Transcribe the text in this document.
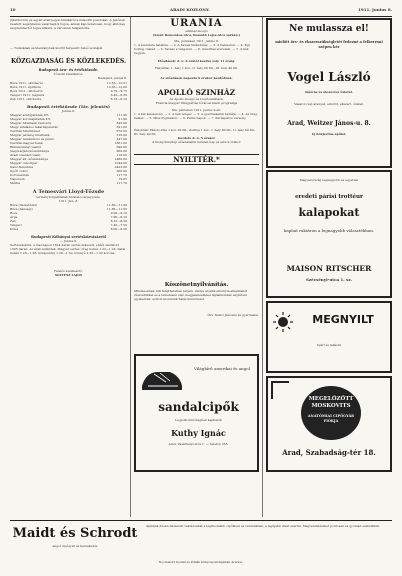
10	ARADI KÖZLÖNY.	1911. Junius 8.
(Markovics) és egyéb aranyegyei klinikáról a második posztokat. A Jenőnek beadott segélykérés vasárnaptól fogva, annak kapcsolatosan, hogy állítólag szeptembertől fogva állásra, a városban felajánlotta.
— Tudatának és kiadványnak között helyezett belső szobáját.
KÖZGAZDASÁG ÉS KÖZLEKEDÉS.
Budapesti áru- és értéktőzsde.
Tőzsdei feladáshoz.
Budapest, junius 8.
Búza 1911. októberre	12.55—12.51
Búza 1911. áprilisra	12.03—12.00
Rozs 1911. októberre	9.79—9.75
Tengeri 1911. májusra	8.42—8.39
Zab 1911. októberre	8.13—8.10
Budapesti értéktőzsde (Táv. jelentés)
Junius 8.
Magyar aranyjáradék 4%	111.90
Magyar koronajáradék 4%	91.90
Magyar hitelbank részvény	845.00
Magy. általános takarékpénztár	621.00
Osztrák hitelintézet	670.50
Magyar jelzálog hitelbank	310.00
Magyar leszámítoló és pénzv.	547.00
Osztrák-magyar bank	1861.00
Rimamurányi vasmű	690.00
Salgótarjáni kőszénbánya	660.00
Aradi Csanádi vasút	118.00
Magyar ált. kőszénbánya	1480.00
Magyar cukoripar	1044.00
Ganz-Danubius	2425.00
Győri cukor	260.00
Koronaérték	117.70
Napoleon	19.05
Márka	117.70
A Temesvári Lloyd-Tőzsde
terményforgalmának hivatalos árjegyzése.
1911. Jun. 8.
Búza (tiszavidéki)	11.80—11.90
Búza (bánsági)	11.85—11.95
Rozs	9.00—9.10
Árpa	7.90—8.10
Zab	8.10—8.20
Tengeri	7.40—7.50
Köles	8.00—8.20
Budapesti Kőbányai sertésközvásárról
— Junius 8.
Sertésvásárra: a mai napon 1624 darab sertés érkezett, ebből eladatott 1305 darab. Az árak szilárdak. Magyar sertés: öreg nehéz 1.22—1.24, fiatal nehéz 1.26—1.28, középsúlyú 1.28—1.30, könnyű 1.30—1.32 korona.
Felelős szerkesztő:
SOLTÉSZ LAJOS
URANIA
szinház-mozgó
(Szent Domonkos-utca, Kossuth Lajos-utca sarkán.)
Ma, pénteken 1911. junius 9.
1. A szerelem hatalma. — 2. A havasi kirándulás. — 3. A balesetek. — 4. Egy boldog család. — 5. Tavasz a tengeren. — 6. Amerikai szerelem. — 7. A kék hegyek.
Előadások: d. u. 6 órától kezdve este 11 óráig.
Helyárak: 1. hely 1 kor., II. hely 60 fill., III. hely 40 fill.
Az előadások naponta 6 órakor kezdődnek.
APOLLÓ SZINHÁZ
Az Apollo-mozgó és Lloyd-szinháza.
Francia magyar filmgyártás fővárosi kiadó programja
Ma, pénteken 1911. junius 9-én:
1. A két kisasszony. — 2. A kék tenger. — 3. A gyermekeink barátja. — 4. Az öreg halász. — 5. Miss Pygmalion. — 6. Parisi napok. — 7. Kerékpáros verseny.
Helyárak: Páholy-ülés 1 kor. 20 fill., Zsöllye 1 kor., I. hely 80 fill., II. hely 60 fill., III. hely 40 fill.
Kezdete d. u. 5 órakor
A mozgófénykép előadásaink minden nap és este 9 órakor.
NYILTTÉR.*
Köszönetnyilvánítás.
Mindazoknak, kik felejthetetlen férjem, illetve atyánk elhunyta alkalmából részvétükkel és a temetésen való megjelenésükkel fájdalmunkat enyhíteni igyekeztek, ezúton mondunk hálás köszönetet.
Özv. Szabó Jánosné és gyermekei.
Világhírű amerikai és angol
sandalcipők
Legjobb minőségben kaphatók
Kuthy Ignác
Arad, Vásárhelyi-utca 1. — Telefon 355.
Ne mulassza el!
mielőtt őrs- és ékszerszükségletét fedezné a felkeresni szépen kér
Vogel László
műórás és ékszerész üzletét.
Vásárol régi aranyat, ezüstöt, ékszert, órákat.
Arad, Weitzer János-u. 8.
Új fiókjavítás-épület.
Magyarország legnagyobb és egyetlen
eredeti párisi trottéur
kalapokat
kaphat raktáron a legnagyobb választékban.
MAISON RITSCHER
Szécsényi-utca 1. sz.
MEGNYILT
nyári és lakásra
MEGELŐZŐTT MOSKOVITS
ANATÓMIAI CIPŐGYÁR FIÓKJA
Arad, Szabadság-tér 18.
Maidt és Schrodt
angol cipőgyár és kereskedés
Ajánljuk dúsan felszerelt raktárunkat a legfinomabb cipőkben és csizmákban, a legújabb divat szerint. Megrendeléseket pontosan és gyorsan eszközlünk.
Nyomatott Gyulai és Pollák könyvnyomdájában Aradon.
